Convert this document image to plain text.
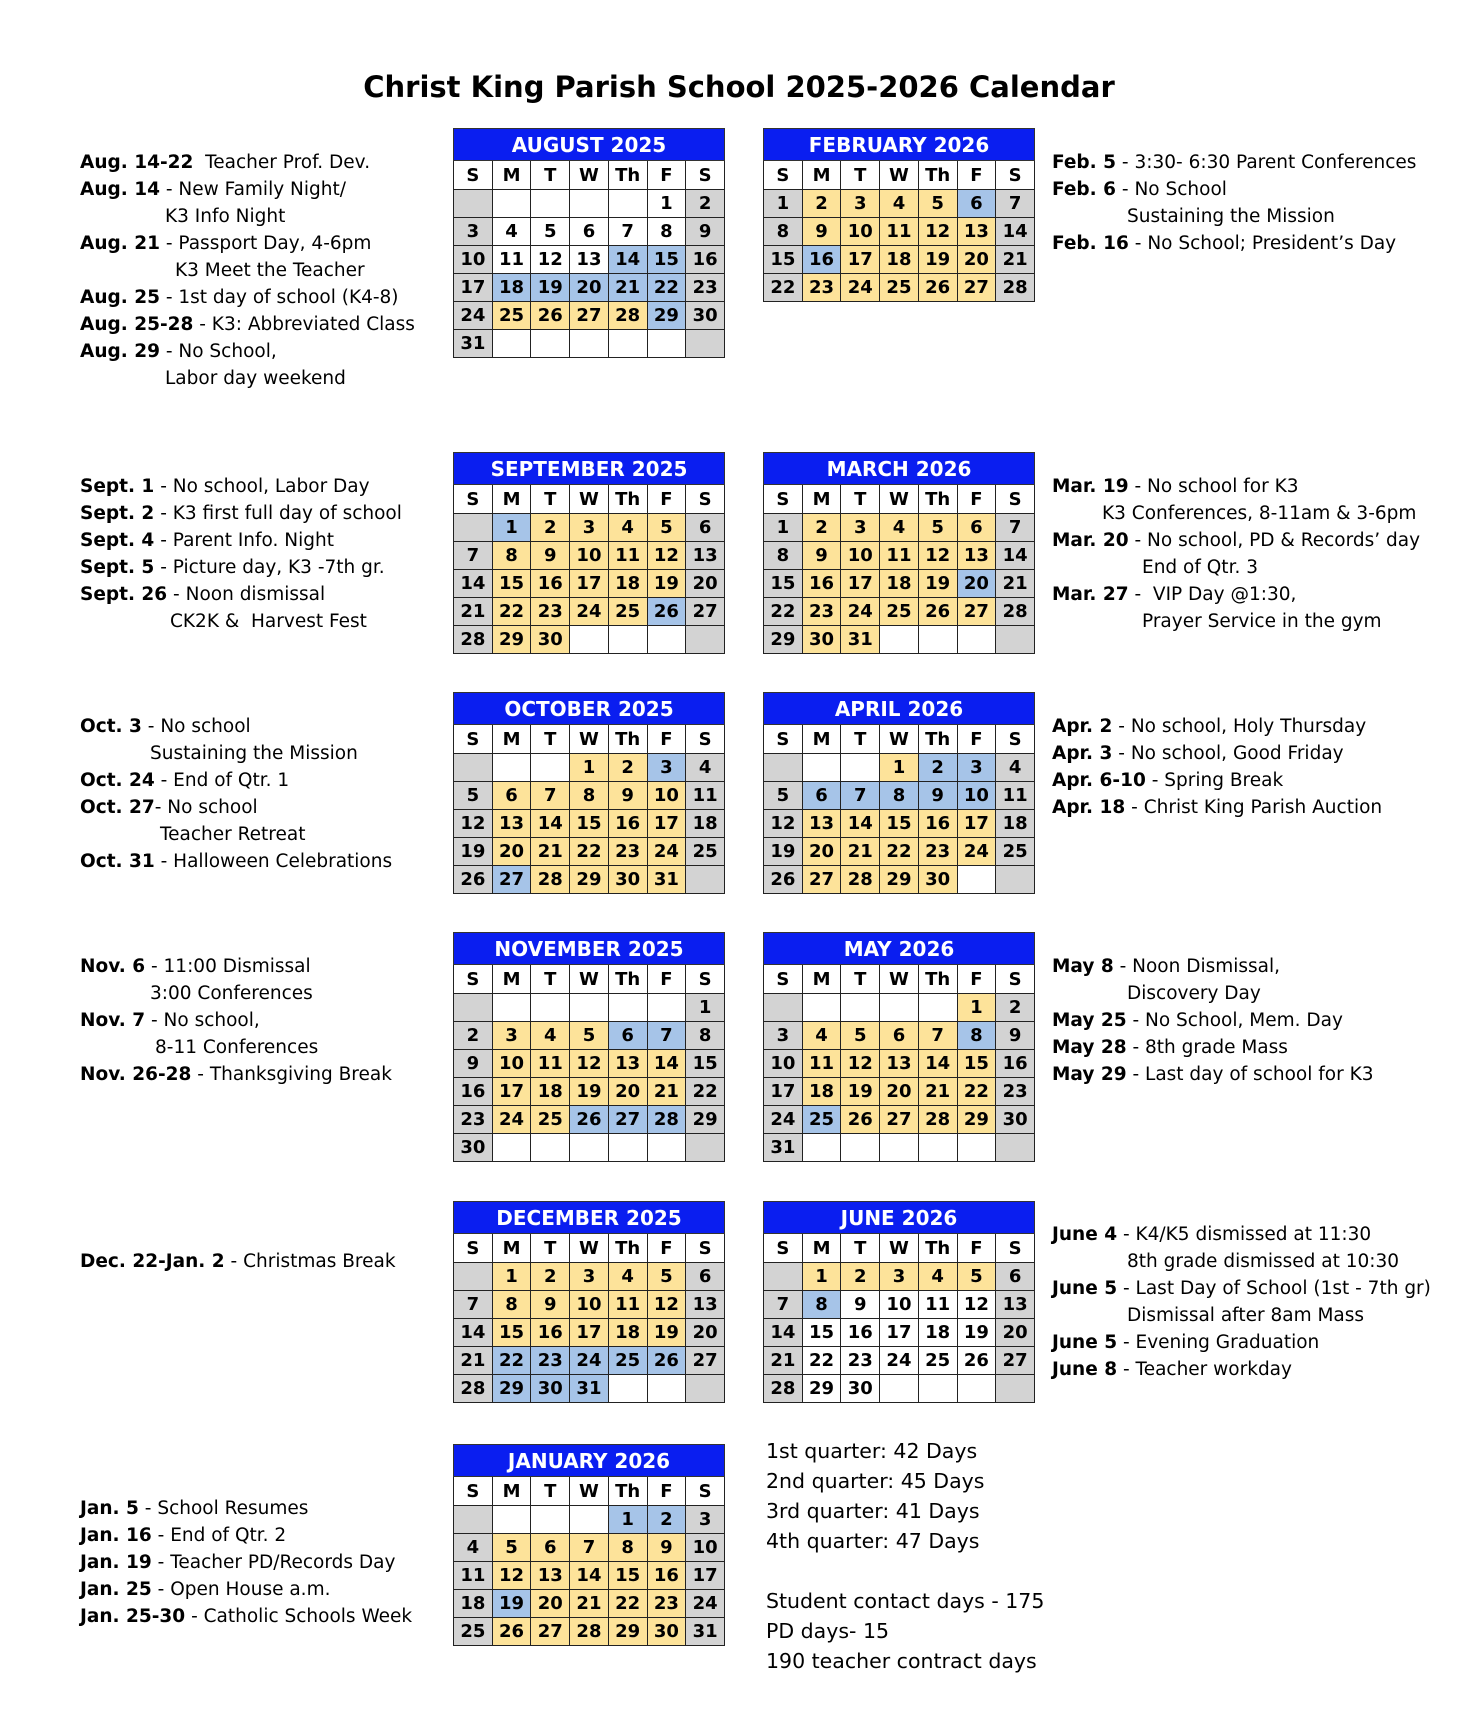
Christ King Parish School 2025-2026 Calendar
AUGUST 2025						
S	M	T	W	Th	F	S
					1	2
3	4	5	6	7	8	9
10	11	12	13	14	15	16
17	18	19	20	21	22	23
24	25	26	27	28	29	30
31						
FEBRUARY 2026						
S	M	T	W	Th	F	S
1	2	3	4	5	6	7
8	9	10	11	12	13	14
15	16	17	18	19	20	21
22	23	24	25	26	27	28
SEPTEMBER 2025						
S	M	T	W	Th	F	S
	1	2	3	4	5	6
7	8	9	10	11	12	13
14	15	16	17	18	19	20
21	22	23	24	25	26	27
28	29	30				
MARCH 2026						
S	M	T	W	Th	F	S
1	2	3	4	5	6	7
8	9	10	11	12	13	14
15	16	17	18	19	20	21
22	23	24	25	26	27	28
29	30	31				
OCTOBER 2025						
S	M	T	W	Th	F	S
			1	2	3	4
5	6	7	8	9	10	11
12	13	14	15	16	17	18
19	20	21	22	23	24	25
26	27	28	29	30	31	
APRIL 2026						
S	M	T	W	Th	F	S
			1	2	3	4
5	6	7	8	9	10	11
12	13	14	15	16	17	18
19	20	21	22	23	24	25
26	27	28	29	30		
NOVEMBER 2025						
S	M	T	W	Th	F	S
						1
2	3	4	5	6	7	8
9	10	11	12	13	14	15
16	17	18	19	20	21	22
23	24	25	26	27	28	29
30						
MAY 2026						
S	M	T	W	Th	F	S
					1	2
3	4	5	6	7	8	9
10	11	12	13	14	15	16
17	18	19	20	21	22	23
24	25	26	27	28	29	30
31						
DECEMBER 2025						
S	M	T	W	Th	F	S
	1	2	3	4	5	6
7	8	9	10	11	12	13
14	15	16	17	18	19	20
21	22	23	24	25	26	27
28	29	30	31			
JUNE 2026						
S	M	T	W	Th	F	S
	1	2	3	4	5	6
7	8	9	10	11	12	13
14	15	16	17	18	19	20
21	22	23	24	25	26	27
28	29	30				
JANUARY 2026						
S	M	T	W	Th	F	S
				1	2	3
4	5	6	7	8	9	10
11	12	13	14	15	16	17
18	19	20	21	22	23	24
25	26	27	28	29	30	31
Aug. 14-22  Teacher Prof. Dev.
Aug. 14 - New Family Night/
K3 Info Night
Aug. 21 - Passport Day, 4-6pm
K3 Meet the Teacher
Aug. 25 - 1st day of school (K4-8)
Aug. 25-28 - K3: Abbreviated Class
Aug. 29 - No School,
Labor day weekend
Feb. 5 - 3:30- 6:30 Parent Conferences
Feb. 6 - No School
Sustaining the Mission
Feb. 16 - No School; President’s Day
Sept. 1 - No school, Labor Day
Sept. 2 - K3 first full day of school
Sept. 4 - Parent Info. Night
Sept. 5 - Picture day, K3 -7th gr.
Sept. 26 - Noon dismissal
CK2K &  Harvest Fest
Mar. 19 - No school for K3
K3 Conferences, 8-11am & 3-6pm
Mar. 20 - No school, PD & Records’ day
End of Qtr. 3
Mar. 27 -  VIP Day @1:30,
Prayer Service in the gym
Oct. 3 - No school
Sustaining the Mission
Oct. 24 - End of Qtr. 1
Oct. 27- No school
Teacher Retreat
Oct. 31 - Halloween Celebrations
Apr. 2 - No school, Holy Thursday
Apr. 3 - No school, Good Friday
Apr. 6-10 - Spring Break
Apr. 18 - Christ King Parish Auction
Nov. 6 - 11:00 Dismissal
3:00 Conferences
Nov. 7 - No school,
8-11 Conferences
Nov. 26-28 - Thanksgiving Break
May 8 - Noon Dismissal,
Discovery Day
May 25 - No School, Mem. Day
May 28 - 8th grade Mass
May 29 - Last day of school for K3
Dec. 22-Jan. 2 - Christmas Break
June 4 - K4/K5 dismissed at 11:30
8th grade dismissed at 10:30
June 5 - Last Day of School (1st - 7th gr)
Dismissal after 8am Mass
June 5 - Evening Graduation
June 8 - Teacher workday
Jan. 5 - School Resumes
Jan. 16 - End of Qtr. 2
Jan. 19 - Teacher PD/Records Day
Jan. 25 - Open House a.m.
Jan. 25-30 - Catholic Schools Week
1st quarter: 42 Days
2nd quarter: 45 Days
3rd quarter: 41 Days
4th quarter: 47 Days

Student contact days - 175
PD days- 15
190 teacher contract days
